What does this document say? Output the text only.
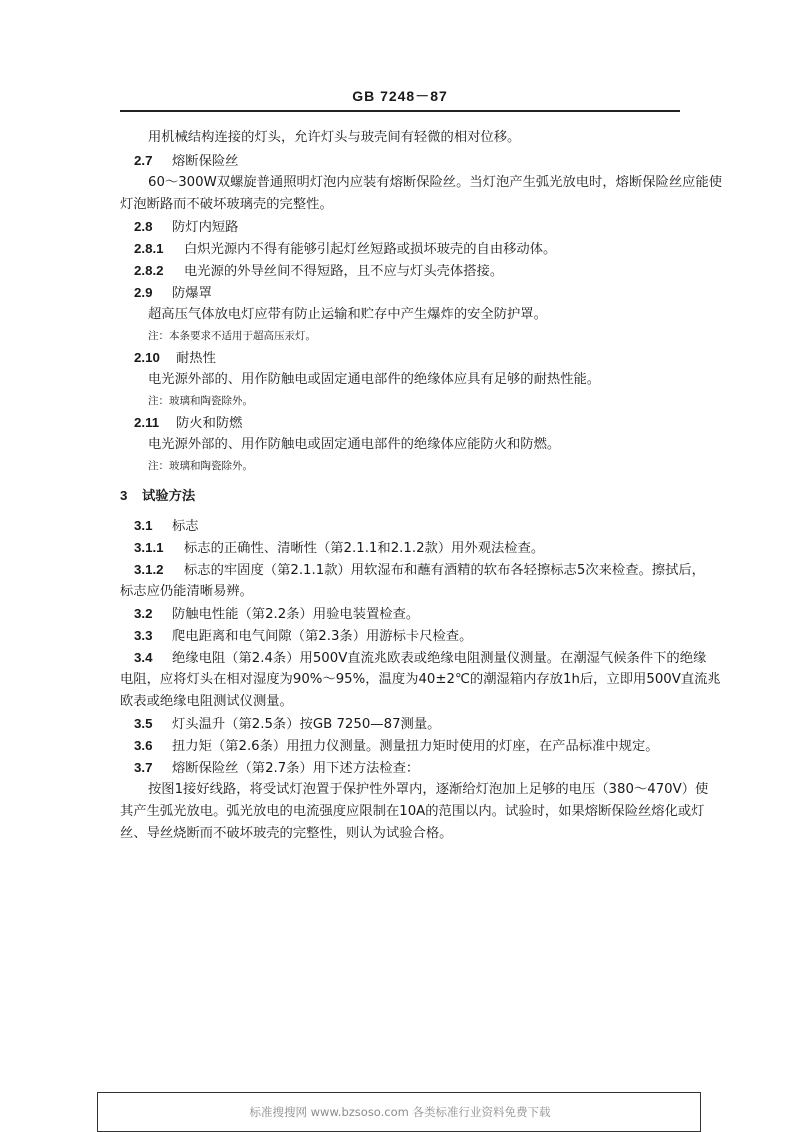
GB 7248－87
用机械结构连接的灯头，允许灯头与玻壳间有轻微的相对位移。
2.7 熔断保险丝
60～300W双螺旋普通照明灯泡内应装有熔断保险丝。当灯泡产生弧光放电时，熔断保险丝应能使
灯泡断路而不破坏玻璃壳的完整性。
2.8 防灯内短路
2.8.1 白炽光源内不得有能够引起灯丝短路或损坏玻壳的自由移动体。
2.8.2 电光源的外导丝间不得短路，且不应与灯头壳体搭接。
2.9 防爆罩
超高压气体放电灯应带有防止运输和贮存中产生爆炸的安全防护罩。
注：本条要求不适用于超高压汞灯。
2.10 耐热性
电光源外部的、用作防触电或固定通电部件的绝缘体应具有足够的耐热性能。
注：玻璃和陶瓷除外。
2.11 防火和防燃
电光源外部的、用作防触电或固定通电部件的绝缘体应能防火和防燃。
注：玻璃和陶瓷除外。
3 试验方法
3.1 标志
3.1.1 标志的正确性、清晰性（第2.1.1和2.1.2款）用外观法检查。
3.1.2 标志的牢固度（第2.1.1款）用软湿布和蘸有酒精的软布各轻擦标志5次来检查。擦拭后，
标志应仍能清晰易辨。
3.2 防触电性能（第2.2条）用验电装置检查。
3.3 爬电距离和电气间隙（第2.3条）用游标卡尺检查。
3.4 绝缘电阻（第2.4条）用500V直流兆欧表或绝缘电阻测量仪测量。在潮湿气候条件下的绝缘
电阻，应将灯头在相对湿度为90%～95%，温度为40±2℃的潮湿箱内存放1h后，立即用500V直流兆
欧表或绝缘电阻测试仪测量。
3.5 灯头温升（第2.5条）按GB 7250—87测量。
3.6 扭力矩（第2.6条）用扭力仪测量。测量扭力矩时使用的灯座，在产品标准中规定。
3.7 熔断保险丝（第2.7条）用下述方法检查：
按图1接好线路，将受试灯泡置于保护性外罩内，逐渐给灯泡加上足够的电压（380～470V）使
其产生弧光放电。弧光放电的电流强度应限制在10A的范围以内。试验时，如果熔断保险丝熔化或灯
丝、导丝烧断而不破坏玻壳的完整性，则认为试验合格。
标准搜搜网 www.bzsoso.com 各类标准行业资料免费下载
